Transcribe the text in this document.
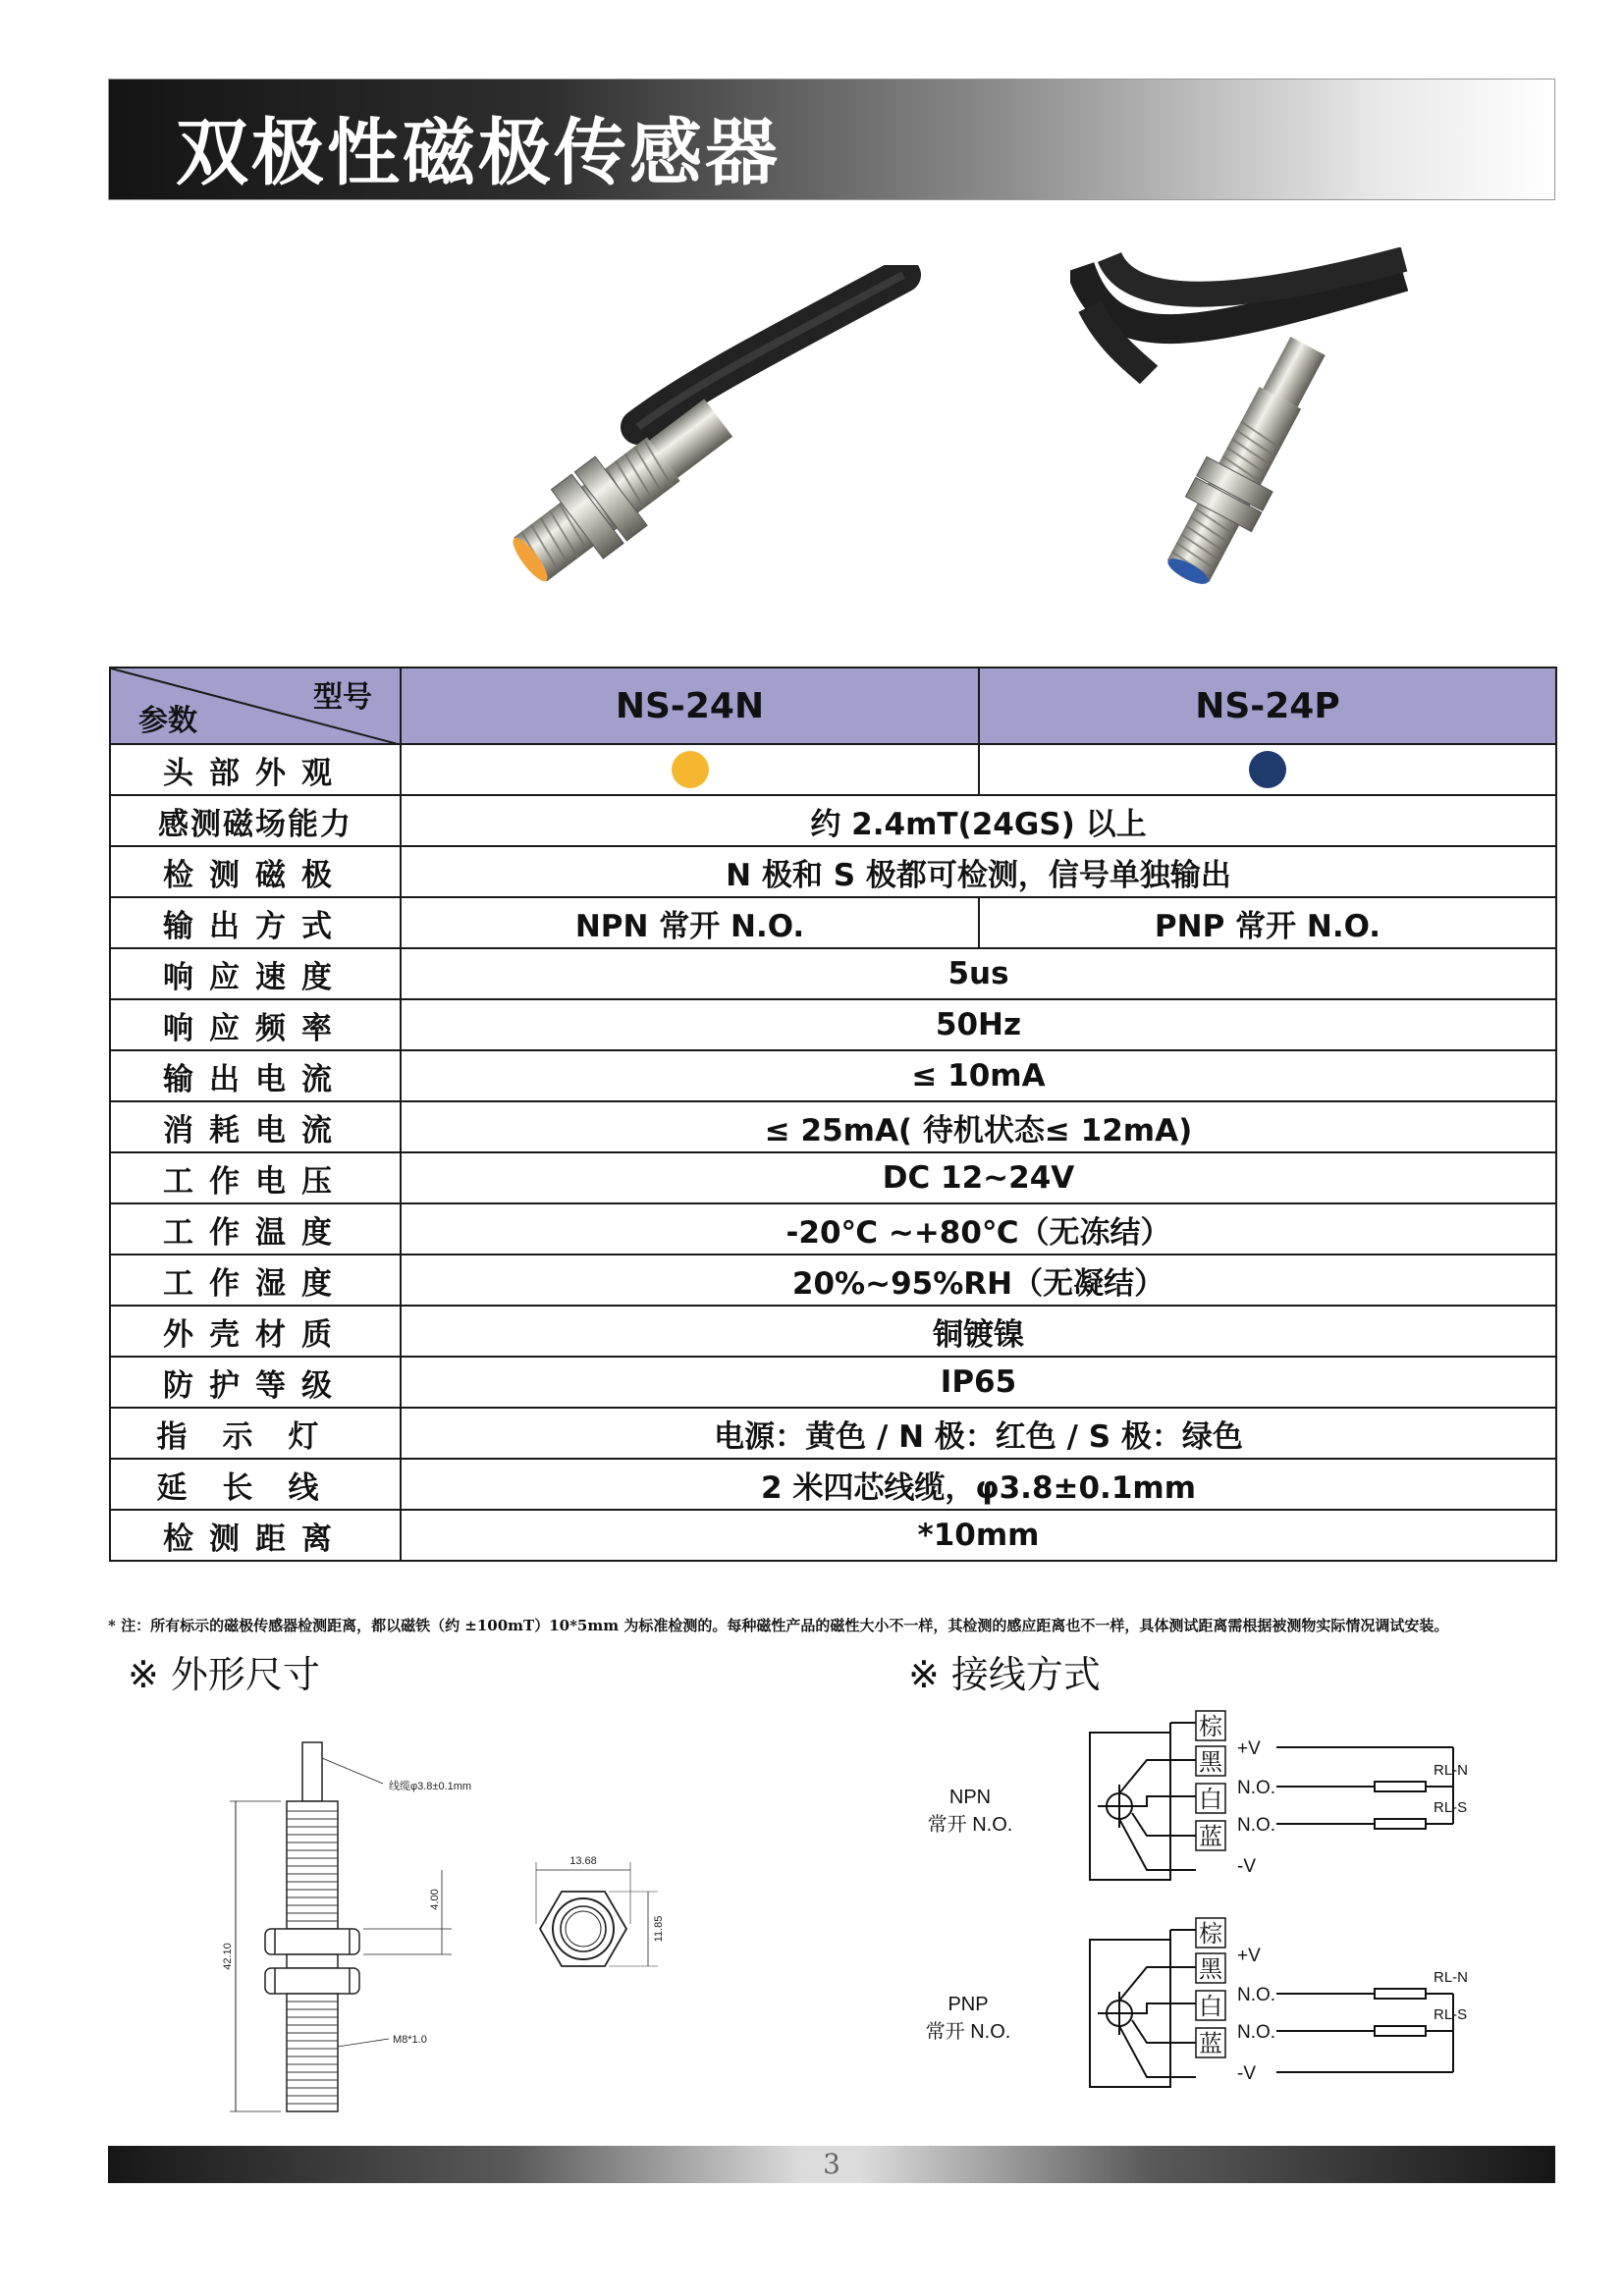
双极性磁极传感器
型号
参数	NS-24N	NS-24P
头部外观		
感测磁场能力	约 2.4mT(24GS) 以上	
检测磁极	N 极和 S 极都可检测，信号单独输出	
输出方式	NPN 常开 N.O.	PNP 常开 N.O.
响应速度	5us	
响应频率	50Hz	
输出电流	≤ 10mA	
消耗电流	≤ 25mA( 待机状态≤ 12mA)	
工作电压	DC 12~24V	
工作温度	-20℃ ~+80℃（无冻结）	
工作湿度	20%~95%RH（无凝结）	
外壳材质	铜镀镍	
防护等级	IP65	
指示灯	电源：黄色 / N 极：红色 / S 极：绿色	
延长线	2 米四芯线缆，φ3.8±0.1mm	
检测距离	*10mm	
* 注：所有标示的磁极传感器检测距离，都以磁铁（约 ±100mT）10*5mm 为标准检测的。每种磁性产品的磁性大小不一样，其检测的感应距离也不一样，具体测试距离需根据被测物实际情况调试安装。
※ 外形尺寸	※ 接线方式
线缆φ3.8±0.1mm
4.00
42.10
M8*1.0
13.68
11.85
NPN
常开 N.O.
棕
黑
白
蓝
+V
N.O.
N.O.
-V
RL-N
RL-S
PNP
常开 N.O.
棕
黑
白
蓝
+V
N.O.
N.O.
-V
RL-N
RL-S
3
